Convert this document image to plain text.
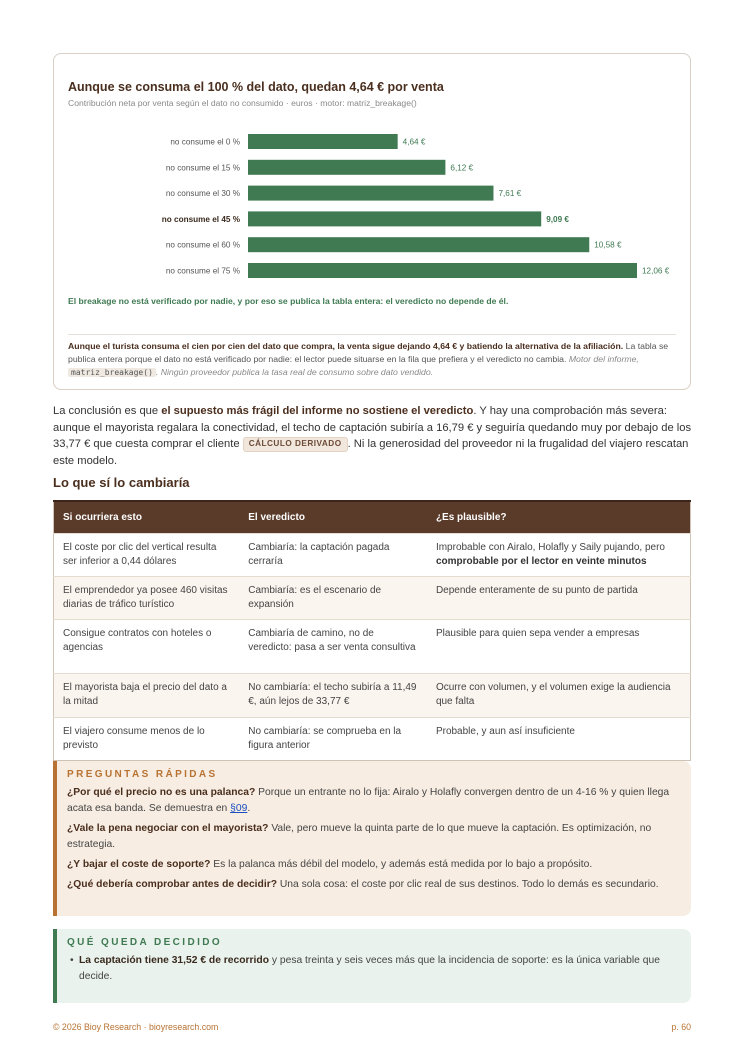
Aunque se consuma el 100 % del dato, quedan 4,64 € por venta
Contribución neta por venta según el dato no consumido · euros · motor: matriz_breakage()
no consume el 0 %	4,64 €
no consume el 15 %	6,12 €
no consume el 30 %	7,61 €
no consume el 45 %	9,09 €
no consume el 60 %	10,58 €
no consume el 75 %	12,06 €
El breakage no está verificado por nadie, y por eso se publica la tabla entera: el veredicto no depende de él.
Aunque el turista consuma el cien por cien del dato que compra, la venta sigue dejando 4,64 € y batiendo la alternativa de la afiliación. La tabla se publica entera porque el dato no está verificado por nadie: el lector puede situarse en la fila que prefiera y el veredicto no cambia. Motor del informe, matriz_breakage() . Ningún proveedor publica la tasa real de consumo sobre dato vendido.

La conclusión es que el supuesto más frágil del informe no sostiene el veredicto. Y hay una comprobación más severa: aunque el mayorista regalara la conectividad, el techo de captación subiría a 16,79 € y seguiría quedando muy por debajo de los 33,77 € que cuesta comprar el cliente CÁLCULO DERIVADO . Ni la generosidad del proveedor ni la frugalidad del viajero rescatan este modelo.

Lo que sí lo cambiaría
Si ocurriera esto	El veredicto	¿Es plausible?
El coste por clic del vertical resulta ser inferior a 0,44 dólares	Cambiaría: la captación pagada cerraría	Improbable con Airalo, Holafly y Saily pujando, pero comprobable por el lector en veinte minutos
El emprendedor ya posee 460 visitas diarias de tráfico turístico	Cambiaría: es el escenario de expansión	Depende enteramente de su punto de partida
Consigue contratos con hoteles o agencias	Cambiaría de camino, no de veredicto: pasa a ser venta consultiva	Plausible para quien sepa vender a empresas
El mayorista baja el precio del dato a la mitad	No cambiaría: el techo subiría a 11,49 €, aún lejos de 33,77 €	Ocurre con volumen, y el volumen exige la audiencia que falta
El viajero consume menos de lo previsto	No cambiaría: se comprueba en la figura anterior	Probable, y aun así insuficiente
PREGUNTAS RÁPIDAS

¿Por qué el precio no es una palanca? Porque un entrante no lo fija: Airalo y Holafly convergen dentro de un 4-16 % y quien llega acata esa banda. Se demuestra en §09.

¿Vale la pena negociar con el mayorista? Vale, pero mueve la quinta parte de lo que mueve la captación. Es optimización, no estrategia.

¿Y bajar el coste de soporte? Es la palanca más débil del modelo, y además está medida por lo bajo a propósito.

¿Qué debería comprobar antes de decidir? Una sola cosa: el coste por clic real de sus destinos. Todo lo demás es secundario.

QUÉ QUEDA DECIDIDO
• La captación tiene 31,52 € de recorrido y pesa treinta y seis veces más que la incidencia de soporte: es la única variable que decide.
© 2026 Bioy Research · bioyresearch.com	p. 60
